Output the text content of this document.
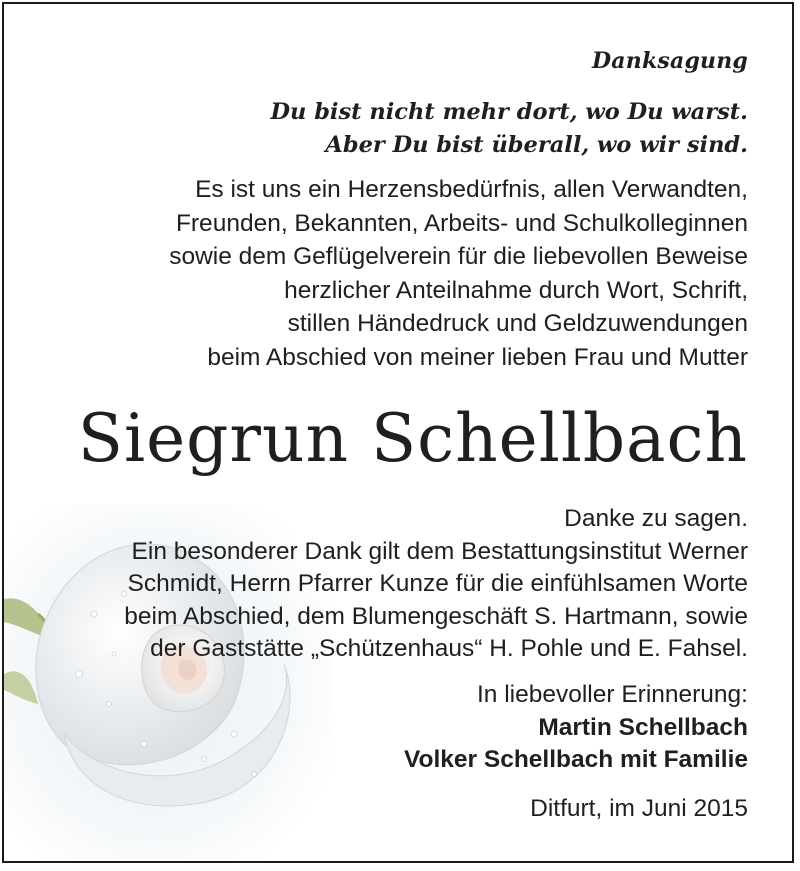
Danksagung
Du bist nicht mehr dort, wo Du warst.
Aber Du bist überall, wo wir sind.
Es ist uns ein Herzensbedürfnis, allen Verwandten,
Freunden, Bekannten, Arbeits- und Schulkolleginnen
sowie dem Geflügelverein für die liebevollen Beweise
herzlicher Anteilnahme durch Wort, Schrift,
stillen Händedruck und Geldzuwendungen
beim Abschied von meiner lieben Frau und Mutter
Siegrun Schellbach
Danke zu sagen.
Ein besonderer Dank gilt dem Bestattungsinstitut Werner
Schmidt, Herrn Pfarrer Kunze für die einfühlsamen Worte
beim Abschied, dem Blumengeschäft S. Hartmann, sowie
der Gaststätte „Schützenhaus“ H. Pohle und E. Fahsel.
In liebevoller Erinnerung:
Martin Schellbach
Volker Schellbach mit Familie
Ditfurt, im Juni 2015
